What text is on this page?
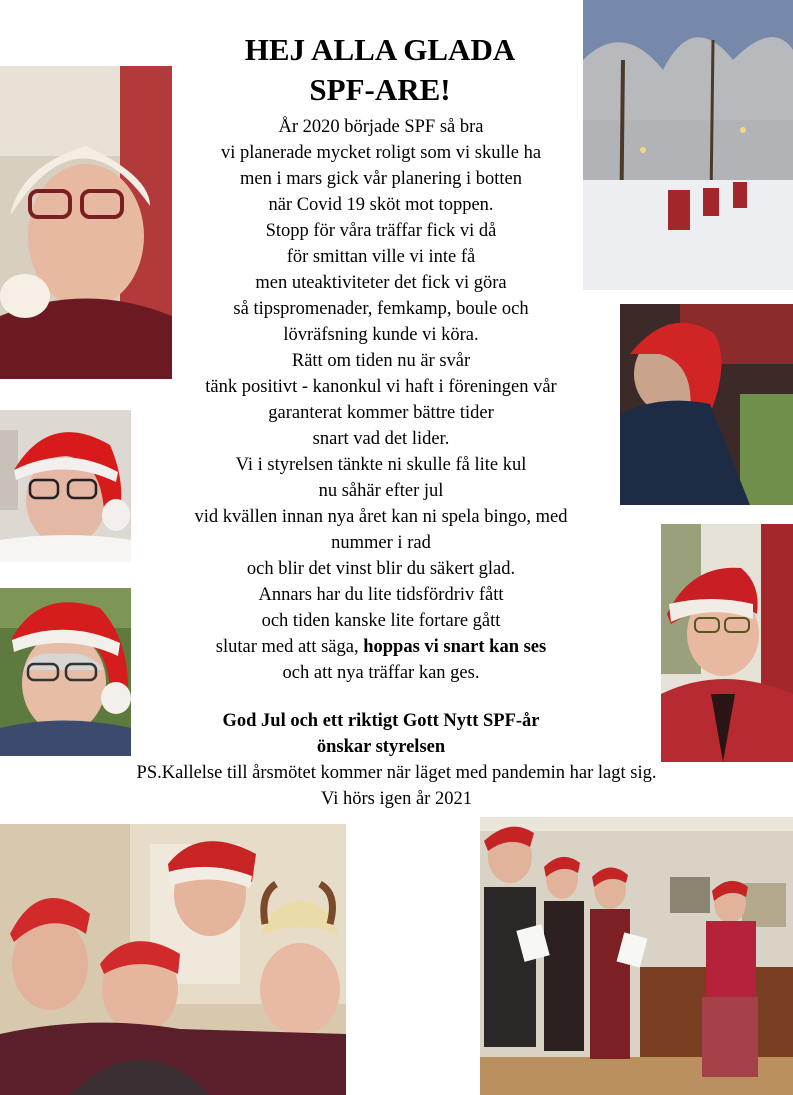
HEJ ALLA GLADA
SPF-ARE!
År 2020 började SPF så bra
vi planerade mycket roligt som vi skulle ha
men i mars gick vår planering i botten
när Covid 19 sköt mot toppen.
Stopp för våra träffar fick vi då
för smittan ville vi inte få
men uteaktiviteter det fick vi göra
så tipspromenader, femkamp, boule och
lövräfsning kunde vi köra.
Rätt om tiden nu är svår
tänk positivt - kanonkul vi haft i föreningen vår
garanterat kommer bättre tider
snart vad det lider.
Vi i styrelsen tänkte ni skulle få lite kul
nu såhär efter jul
vid kvällen innan nya året kan ni spela bingo, med
nummer i rad
och blir det vinst blir du säkert glad.
Annars har du lite tidsfördriv fått
och tiden kanske lite fortare gått
slutar med att säga, hoppas vi snart kan ses
och att nya träffar kan ges.
God Jul och ett riktigt Gott Nytt SPF-år
önskar styrelsen
PS.Kallelse till årsmötet kommer när läget med pandemin har lagt sig.
Vi hörs igen år 2021
